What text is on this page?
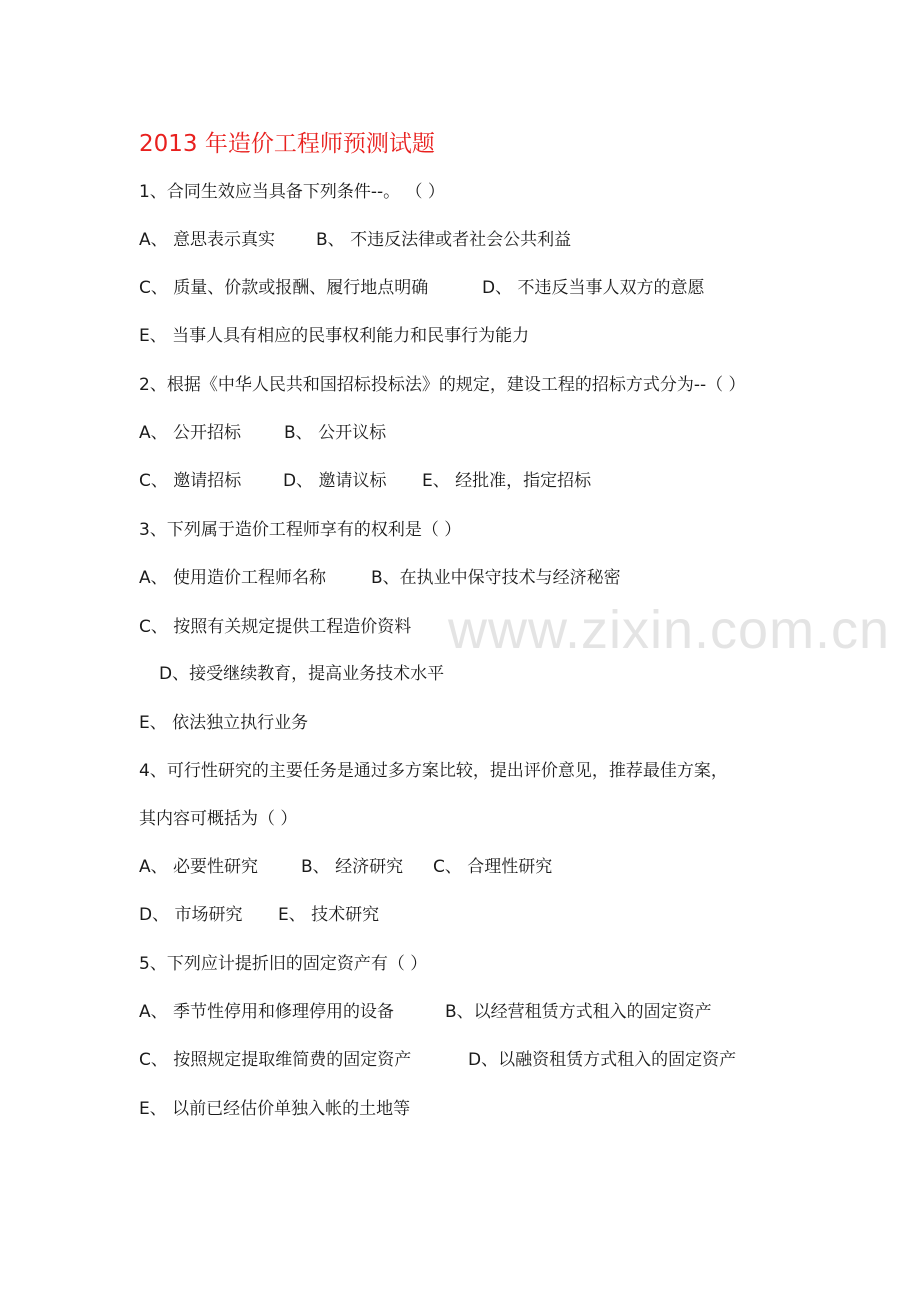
www.zixin.com.cn
2013 年造价工程师预测试题
1、合同生效应当具备下列条件--。 （ ）
A、 意思表示真实 B、 不违反法律或者社会公共利益
C、 质量、价款或报酬、履行地点明确	D、 不违反当事人双方的意愿
E、 当事人具有相应的民事权利能力和民事行为能力
2、根据《中华人民共和国招标投标法》的规定，建设工程的招标方式分为--（ ）
A、 公开招标	B、 公开议标
C、 邀请招标 D、 邀请议标 E、 经批准，指定招标
3、下列属于造价工程师享有的权利是（ ）
A、 使用造价工程师名称	B、在执业中保守技术与经济秘密
C、 按照有关规定提供工程造价资料
D、接受继续教育，提高业务技术水平
E、 依法独立执行业务
4、可行性研究的主要任务是通过多方案比较，提出评价意见，推荐最佳方案，
其内容可概括为（ ）
A、 必要性研究	B、 经济研究 C、 合理性研究
D、 市场研究 E、 技术研究
5、下列应计提折旧的固定资产有（ ）
A、 季节性停用和修理停用的设备	B、以经营租赁方式租入的固定资产
C、 按照规定提取维简费的固定资产	D、以融资租赁方式租入的固定资产
E、 以前已经估价单独入帐的土地等
